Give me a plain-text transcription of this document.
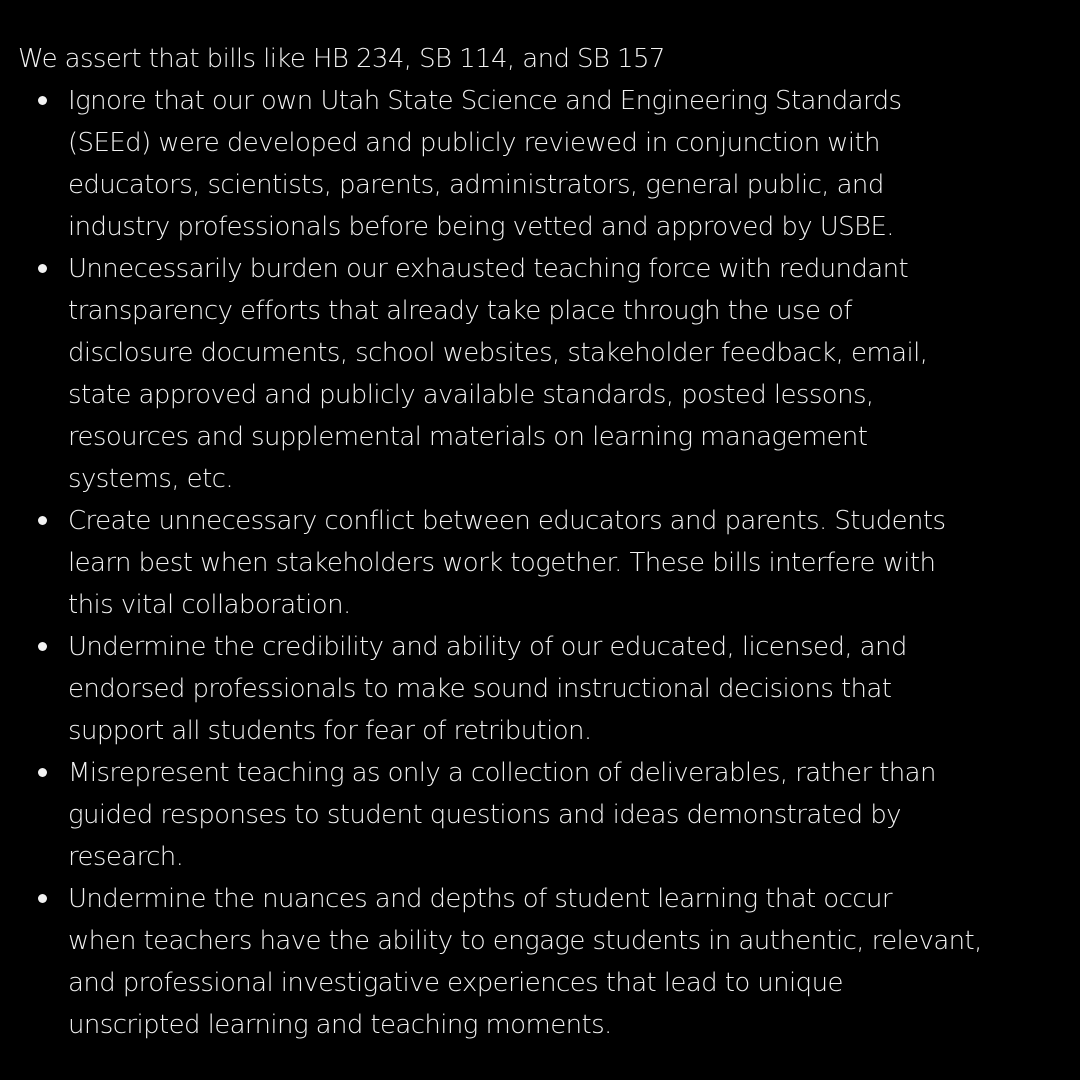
We assert that bills like HB 234, SB 114, and SB 157

Ignore that our own Utah State Science and Engineering Standards
(SEEd) were developed and publicly reviewed in conjunction with
educators, scientists, parents, administrators, general public, and
industry professionals before being vetted and approved by USBE.
Unnecessarily burden our exhausted teaching force with redundant
transparency efforts that already take place through the use of
disclosure documents, school websites, stakeholder feedback, email,
state approved and publicly available standards, posted lessons,
resources and supplemental materials on learning management
systems, etc.
Create unnecessary conflict between educators and parents. Students
learn best when stakeholders work together. These bills interfere with
this vital collaboration.
Undermine the credibility and ability of our educated, licensed, and
endorsed professionals to make sound instructional decisions that
support all students for fear of retribution.
Misrepresent teaching as only a collection of deliverables, rather than
guided responses to student questions and ideas demonstrated by
research.
Undermine the nuances and depths of student learning that occur
when teachers have the ability to engage students in authentic, relevant,
and professional investigative experiences that lead to unique
unscripted learning and teaching moments.
